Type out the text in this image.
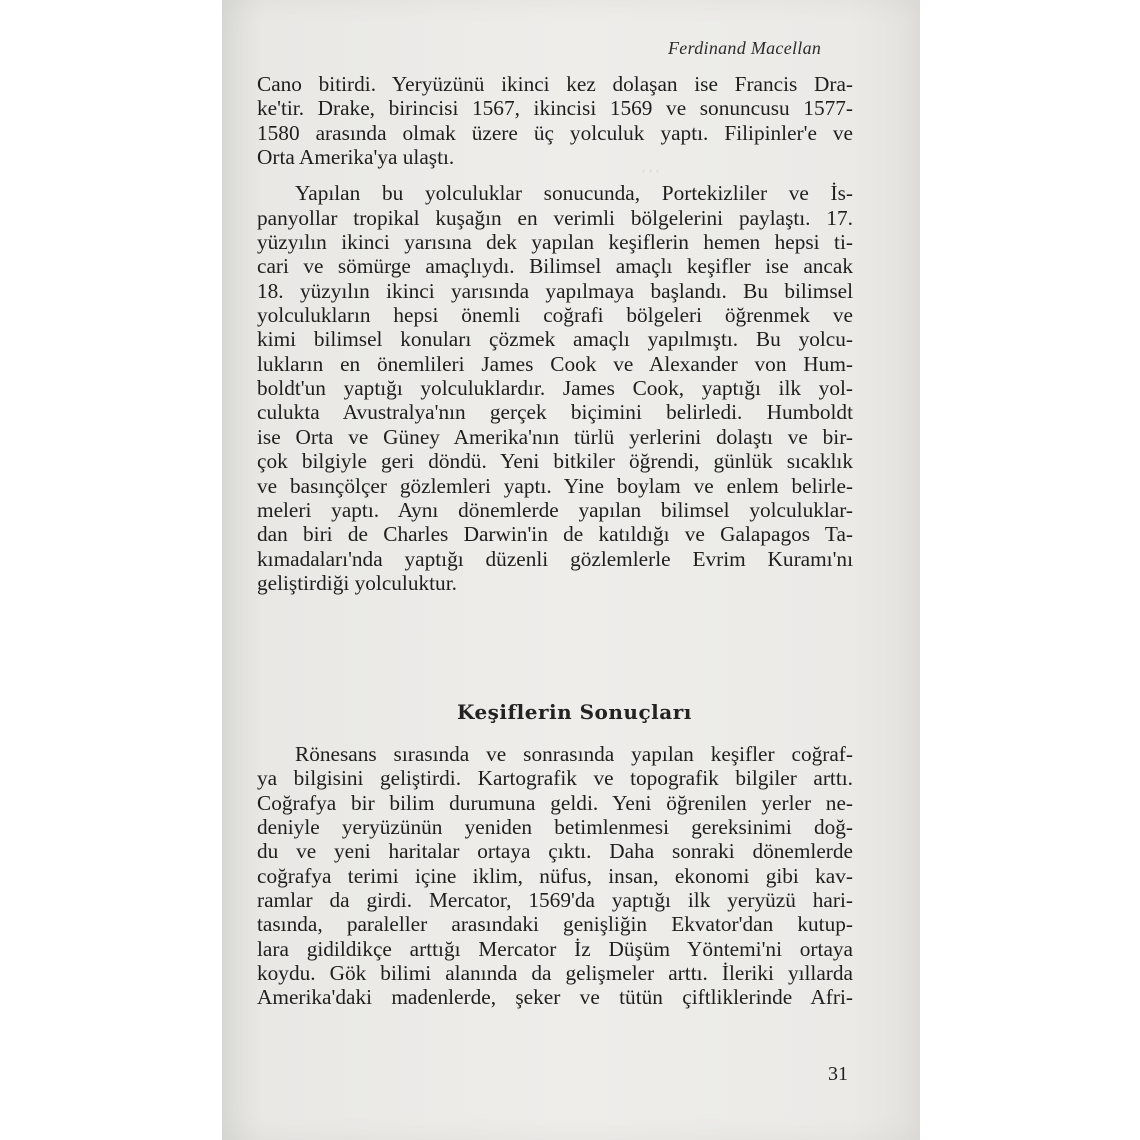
···
Ferdinand Macellan
Cano bitirdi. Yeryüzünü ikinci kez dolaşan ise Francis Dra-
ke'tir. Drake, birincisi 1567, ikincisi 1569 ve sonuncusu 1577-
1580 arasında olmak üzere üç yolculuk yaptı. Filipinler'e ve
Orta Amerika'ya ulaştı.
Yapılan bu yolculuklar sonucunda, Portekizliler ve İs-
panyollar tropikal kuşağın en verimli bölgelerini paylaştı. 17.
yüzyılın ikinci yarısına dek yapılan keşiflerin hemen hepsi ti-
cari ve sömürge amaçlıydı. Bilimsel amaçlı keşifler ise ancak
18. yüzyılın ikinci yarısında yapılmaya başlandı. Bu bilimsel
yolculukların hepsi önemli coğrafi bölgeleri öğrenmek ve
kimi bilimsel konuları çözmek amaçlı yapılmıştı. Bu yolcu-
lukların en önemlileri James Cook ve Alexander von Hum-
boldt'un yaptığı yolculuklardır. James Cook, yaptığı ilk yol-
culukta Avustralya'nın gerçek biçimini belirledi. Humboldt
ise Orta ve Güney Amerika'nın türlü yerlerini dolaştı ve bir-
çok bilgiyle geri döndü. Yeni bitkiler öğrendi, günlük sıcaklık
ve basınçölçer gözlemleri yaptı. Yine boylam ve enlem belirle-
meleri yaptı. Aynı dönemlerde yapılan bilimsel yolculuklar-
dan biri de Charles Darwin'in de katıldığı ve Galapagos Ta-
kımadaları'nda yaptığı düzenli gözlemlerle Evrim Kuramı'nı
geliştirdiği yolculuktur.
Keşiflerin Sonuçları
Rönesans sırasında ve sonrasında yapılan keşifler coğraf-
ya bilgisini geliştirdi. Kartografik ve topografik bilgiler arttı.
Coğrafya bir bilim durumuna geldi. Yeni öğrenilen yerler ne-
deniyle yeryüzünün yeniden betimlenmesi gereksinimi doğ-
du ve yeni haritalar ortaya çıktı. Daha sonraki dönemlerde
coğrafya terimi içine iklim, nüfus, insan, ekonomi gibi kav-
ramlar da girdi. Mercator, 1569'da yaptığı ilk yeryüzü hari-
tasında, paraleller arasındaki genişliğin Ekvator'dan kutup-
lara gidildikçe arttığı Mercator İz Düşüm Yöntemi'ni ortaya
koydu. Gök bilimi alanında da gelişmeler arttı. İleriki yıllarda
Amerika'daki madenlerde, şeker ve tütün çiftliklerinde Afri-
31
